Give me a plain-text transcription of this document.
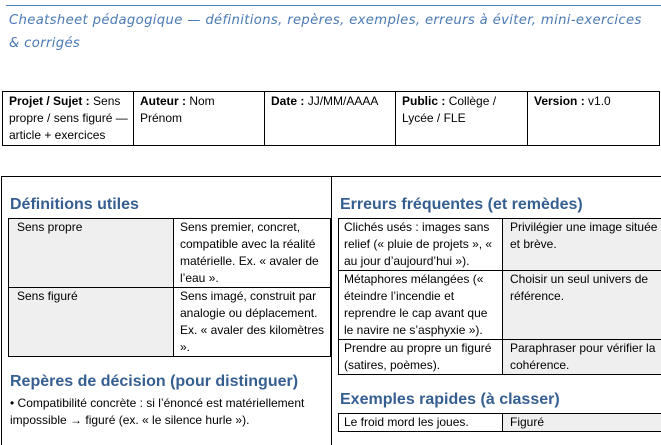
Cheatsheet pédagogique — définitions, repères, exemples, erreurs à éviter, mini-exercices & corrigés
Projet / Sujet : Sens propre / sens figuré — article + exercices	Auteur : Nom Prénom	Date : JJ/MM/AAAA	Public : Collège / Lycée / FLE	Version : v1.0
Définitions utiles
Sens propre	Sens premier, concret, compatible avec la réalité matérielle. Ex. « avaler de l’eau ».
Sens figuré	Sens imagé, construit par analogie ou déplacement. Ex. « avaler des kilomètres ».
Repères de décision (pour distinguer)
• Compatibilité concrète : si l’énoncé est matériellement impossible → figuré (ex. « le silence hurle »).

Erreurs fréquentes (et remèdes)
Clichés usés : images sans relief (« pluie de projets », « au jour d’aujourd’hui »).	Privilégier une image située et brève.
Métaphores mélangées (« éteindre l’incendie et reprendre le cap avant que le navire ne s’asphyxie »).	Choisir un seul univers de référence.
Prendre au propre un figuré (satires, poèmes).	Paraphraser pour vérifier la cohérence.
Exemples rapides (à classer)
Le froid mord les joues.	Figuré
